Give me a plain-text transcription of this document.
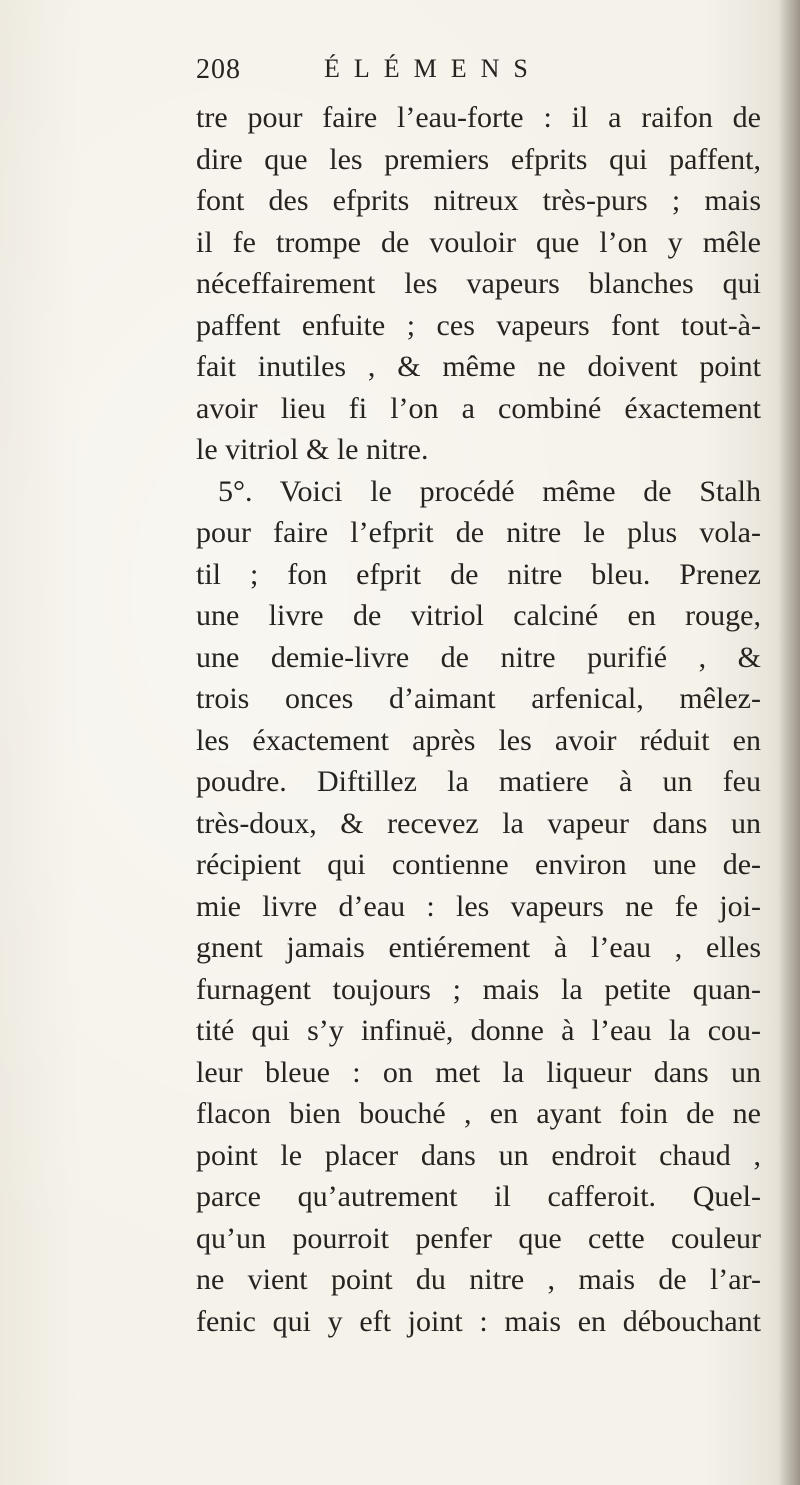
208	ÉLÉMENS
tre pour faire l’eau-forte : il a raifon de
dire que les premiers efprits qui paffent,
font des efprits nitreux très-purs ; mais
il fe trompe de vouloir que l’on y mêle
néceffairement les vapeurs blanches qui
paffent enfuite ; ces vapeurs font tout-à-
fait inutiles , & même ne doivent point
avoir lieu fi l’on a combiné éxactement
le vitriol & le nitre.
5°. Voici le procédé même de Stalh
pour faire l’efprit de nitre le plus vola-
til ; fon efprit de nitre bleu. Prenez
une livre de vitriol calciné en rouge,
une demie-livre de nitre purifié , &
trois onces d’aimant arfenical, mêlez-
les éxactement après les avoir réduit en
poudre. Diftillez la matiere à un feu
très-doux, & recevez la vapeur dans un
récipient qui contienne environ une de-
mie livre d’eau : les vapeurs ne fe joi-
gnent jamais entiérement à l’eau , elles
furnagent toujours ; mais la petite quan-
tité qui s’y infinuë, donne à l’eau la cou-
leur bleue : on met la liqueur dans un
flacon bien bouché , en ayant foin de ne
point le placer dans un endroit chaud ,
parce qu’autrement il cafferoit. Quel-
qu’un pourroit penfer que cette couleur
ne vient point du nitre , mais de l’ar-
fenic qui y eft joint : mais en débouchant
